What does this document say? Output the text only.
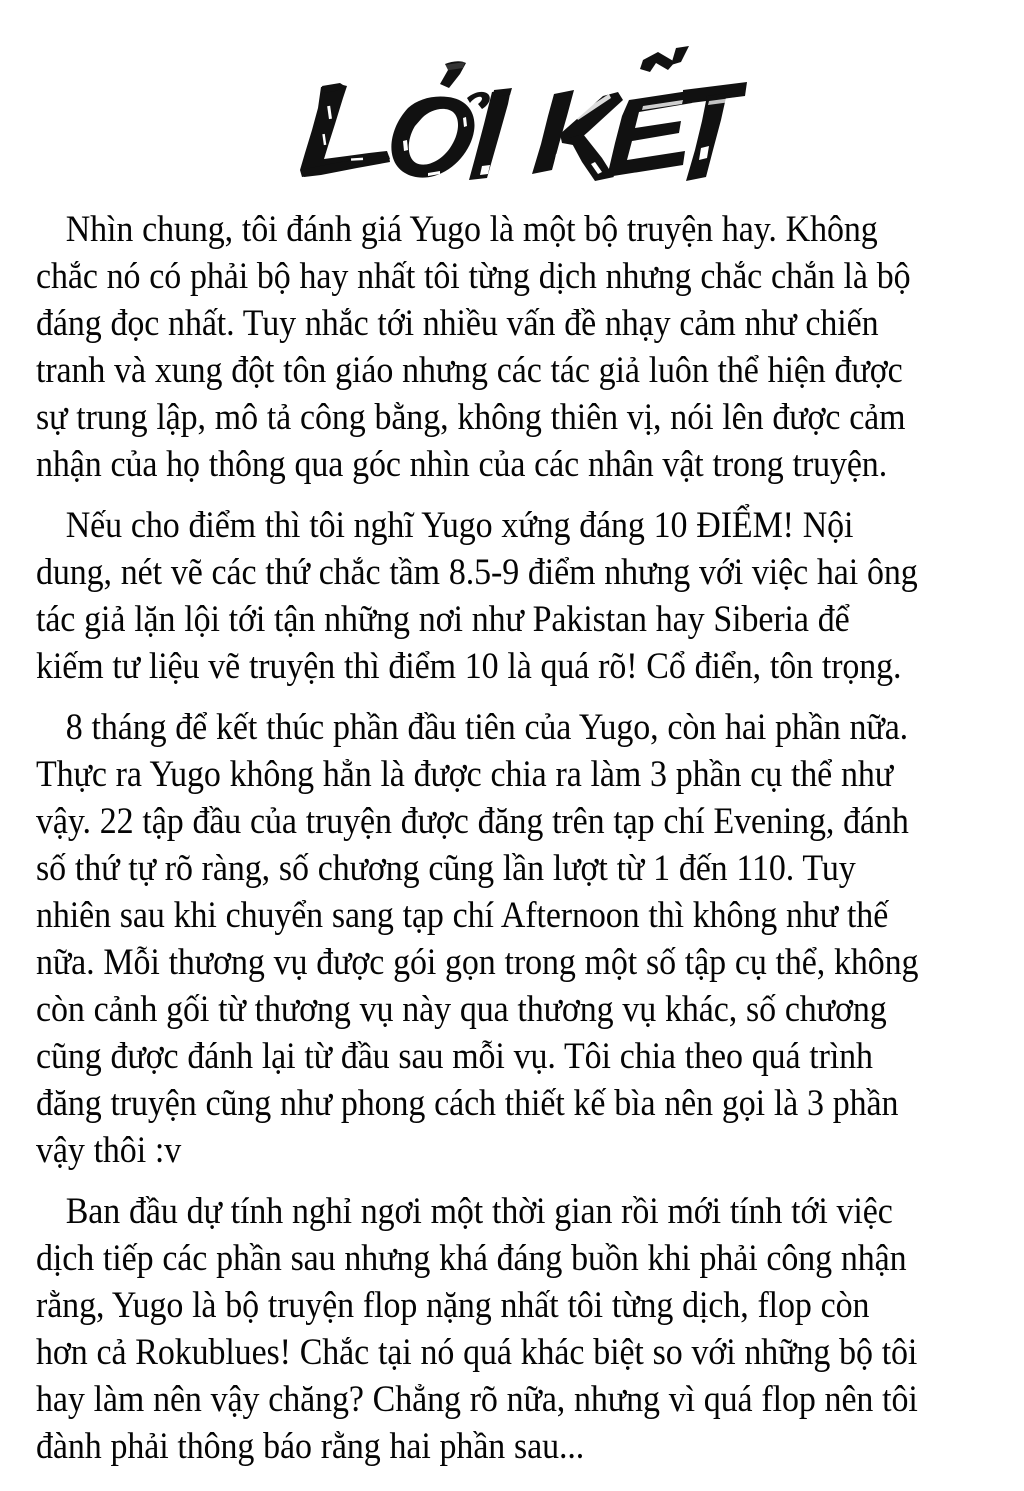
Nhìn chung, tôi đánh giá Yugo là một bộ truyện hay. Không chắc nó có phải bộ hay nhất tôi từng dịch nhưng chắc chắn là bộ đáng đọc nhất. Tuy nhắc tới nhiều vấn đề nhạy cảm như chiến tranh và xung đột tôn giáo nhưng các tác giả luôn thể hiện được sự trung lập, mô tả công bằng, không thiên vị, nói lên được cảm nhận của họ thông qua góc nhìn của các nhân vật trong truyện.

Nếu cho điểm thì tôi nghĩ Yugo xứng đáng 10 ĐIỂM! Nội dung, nét vẽ các thứ chắc tầm 8.5-9 điểm nhưng với việc hai ông tác giả lặn lội tới tận những nơi như Pakistan hay Siberia để kiếm tư liệu vẽ truyện thì điểm 10 là quá rõ! Cổ điển, tôn trọng.

8 tháng để kết thúc phần đầu tiên của Yugo, còn hai phần nữa. Thực ra Yugo không hẳn là được chia ra làm 3 phần cụ thể như vậy. 22 tập đầu của truyện được đăng trên tạp chí Evening, đánh số thứ tự rõ ràng, số chương cũng lần lượt từ 1 đến 110. Tuy nhiên sau khi chuyển sang tạp chí Afternoon thì không như thế nữa. Mỗi thương vụ được gói gọn trong một số tập cụ thể, không còn cảnh gối từ thương vụ này qua thương vụ khác, số chương cũng được đánh lại từ đầu sau mỗi vụ. Tôi chia theo quá trình đăng truyện cũng như phong cách thiết kế bìa nên gọi là 3 phần vậy thôi :v

Ban đầu dự tính nghỉ ngơi một thời gian rồi mới tính tới việc dịch tiếp các phần sau nhưng khá đáng buồn khi phải công nhận rằng, Yugo là bộ truyện flop nặng nhất tôi từng dịch, flop còn hơn cả Rokublues! Chắc tại nó quá khác biệt so với những bộ tôi hay làm nên vậy chăng? Chẳng rõ nữa, nhưng vì quá flop nên tôi đành phải thông báo rằng hai phần sau...
